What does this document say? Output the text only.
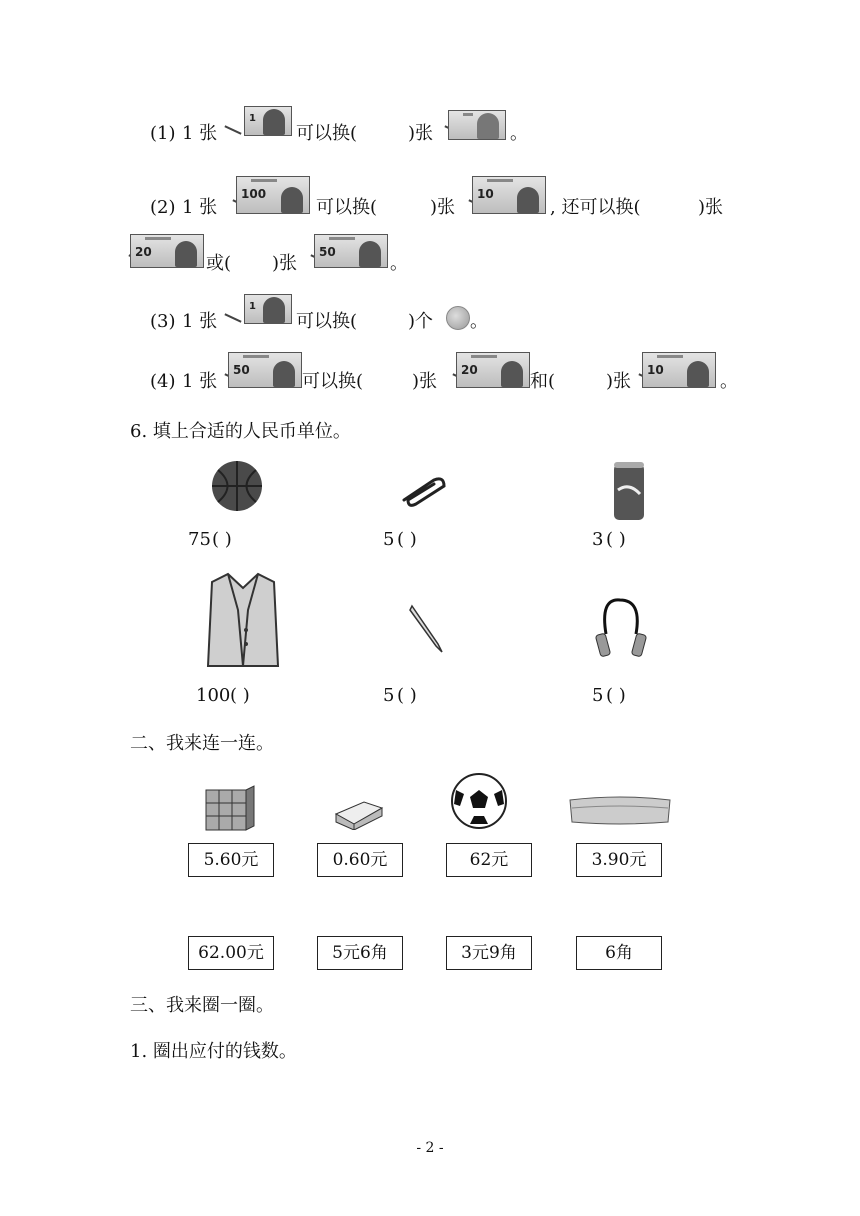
(1) 1 张
1
可以换(	)张	。
(2) 1 张
100
可以换(	)张
10
, 还可以换(	)张
20
或( )张
50
。
(3) 1 张
1
可以换(	)个 。
(4) 1 张
50
可以换(	)张
20
和(	)张
10
。
6. 填上合适的人民币单位。
75 ( )	5 ( )	3 ( )
100 ( )	5 ( )	5 ( )
二、我来连一连。
5.60元	0.60元	62元	3.90元
62.00元	5元6角	3元9角	6角
三、我来圈一圈。
1. 圈出应付的钱数。
- 2 -
